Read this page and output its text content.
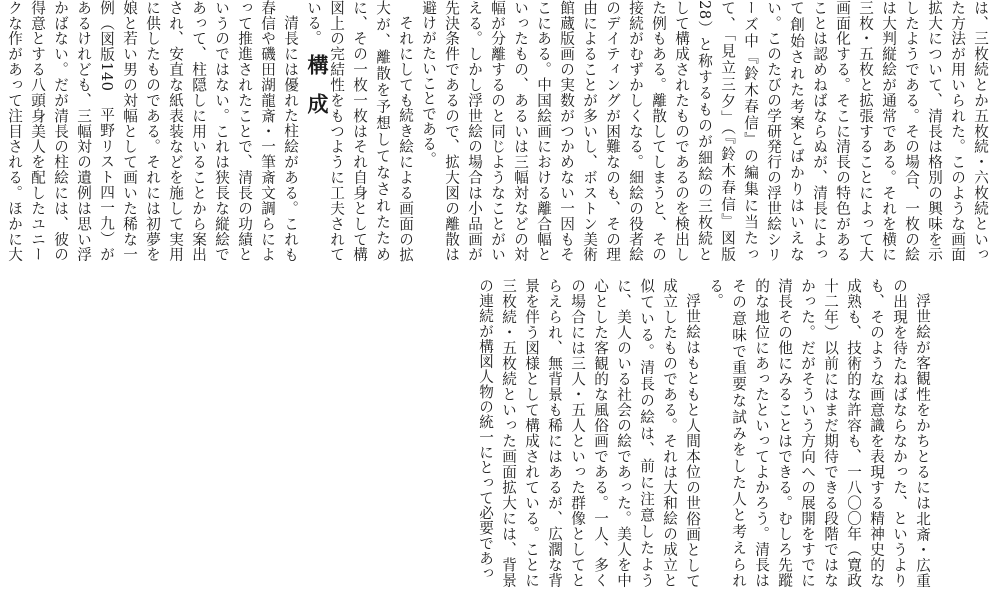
は、三枚続とか五枚続・六枚続といった方法が用いられた。このような画面拡大について、清長は格別の興味を示したようである。その場合、一枚の絵は大判縦絵が通常である。それを横に三枚・五枚と拡張することによって大画面化する。そこに清長の特色があることは認めねばならぬが、清長によって創始された考案とばかりはいえない。このたびの学研発行の浮世絵シリーズ中『鈴木春信』の編集に当たって、「見立三夕」（『鈴木春信』図版28）と称するものが細絵の三枚続として構成されたものであるのを検出した例もある。離散してしまうと、その接続がむずかしくなる。細絵の役者絵のデイティングが困難なのも、その理由によることが多いし、ボストン美術館蔵版画の実数がつかめない一因もそこにある。中国絵画における離合幅といったもの、あるいは三幅対などの対幅が分離するのと同じようなことがいえる。しかし浮世絵の場合は小品画が先決条件であるので、拡大図の離散は避けがたいことである。

それにしても続き絵による画面の拡大が、離散を予想してなされたために、その一枚一枚はそれ自身として構図上の完結性をもつように工夫されている。

清長には優れた柱絵がある。これも春信や磯田湖龍斎・一筆斎文調らによって推進されたことで、清長の功績というのではない。これは狭長な縦絵であって、柱隠しに用いることから案出され、安直な紙表装などを施して実用に供したものである。それには初夢を娘と若い男の対幅として画いた稀な一例（図版140　平野リスト四一九）があるけれども、三幅対の遺例は思い浮かばない。だが清長の柱絵には、彼の得意とする八頭身美人を配したユニークな作があって注目される。ほかに大

構成

浮世絵が客観性をかちとるには北斎・広重の出現を待たねばならなかった、というよりも、そのような画意識を表現する精神史的な成熟も、技術的な許容も、一八〇〇年（寛政十二年）以前にはまだ期待できる段階ではなかった。だがそういう方向への展開をすでに清長その他にみることはできる。むしろ先蹤的な地位にあったといってよかろう。清長はその意味で重要な試みをした人と考えられる。

浮世絵はもともと人間本位の世俗画として成立したものである。それは大和絵の成立と似ている。清長の絵は、前に注意したように、美人のいる社会の絵であった。美人を中心とした客観的な風俗画である。一人、多くの場合には三人・五人といった群像としてとらえられ、無背景も稀にはあるが、広濶な背景を伴う図様として構成されている。ことに三枚続・五枚続といった画面拡大には、背景の連続が構図人物の統一にとって必要であっ
